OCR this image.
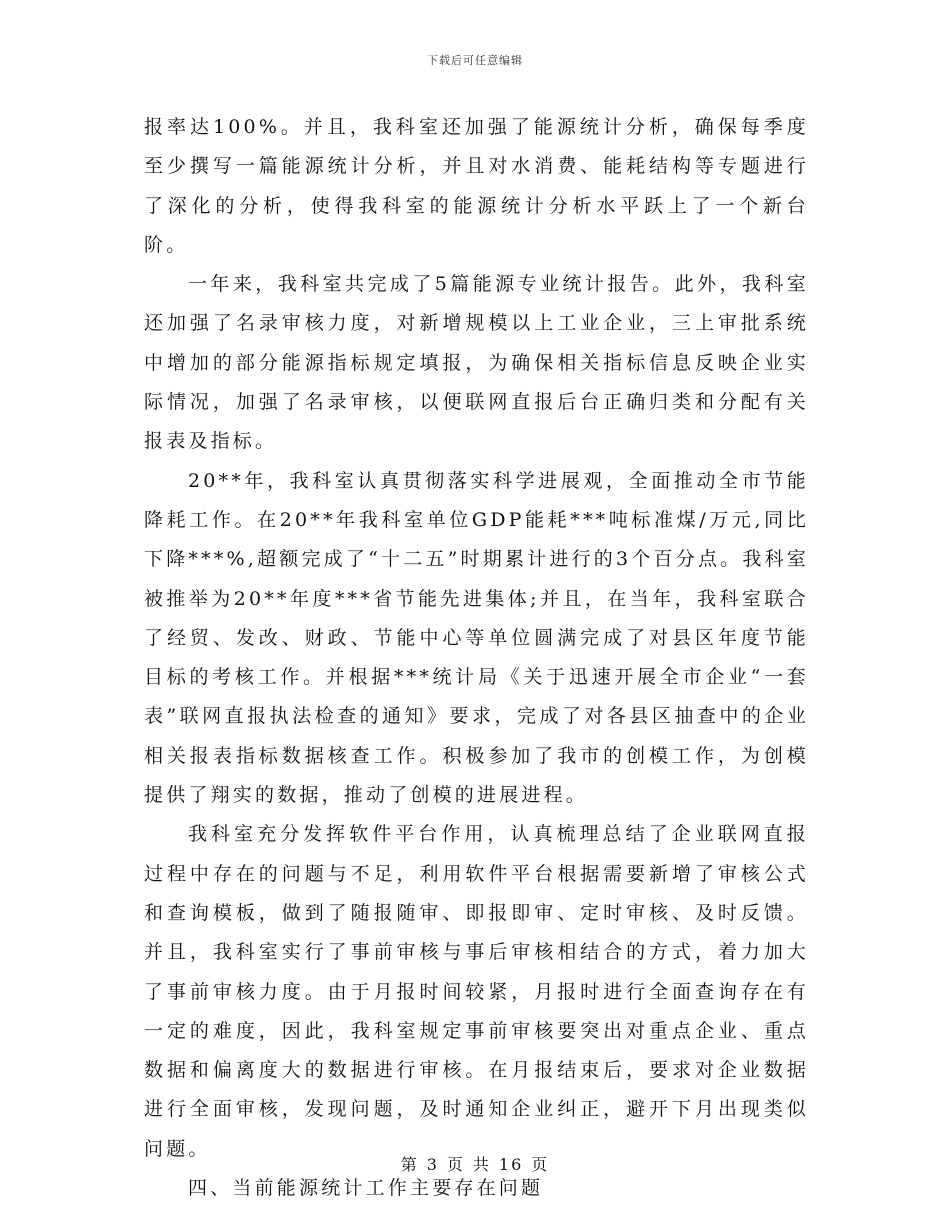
下载后可任意编辑

报率达100%。并且，我科室还加强了能源统计分析，确保每季度至少撰写一篇能源统计分析，并且对水消费、能耗结构等专题进行了深化的分析，使得我科室的能源统计分析水平跃上了一个新台阶。

一年来，我科室共完成了5篇能源专业统计报告。此外，我科室还加强了名录审核力度，对新增规模以上工业企业，三上审批系统中增加的部分能源指标规定填报，为确保相关指标信息反映企业实际情况，加强了名录审核，以便联网直报后台正确归类和分配有关报表及指标。

20**年，我科室认真贯彻落实科学进展观，全面推动全市节能降耗工作。在20**年我科室单位GDP能耗***吨标准煤/万元,同比下降***%,超额完成了“十二五”时期累计进行的3个百分点。我科室被推举为20**年度***省节能先进集体;并且，在当年，我科室联合了经贸、发改、财政、节能中心等单位圆满完成了对县区年度节能目标的考核工作。并根据***统计局《关于迅速开展全市企业“一套表”联网直报执法检查的通知》要求，完成了对各县区抽查中的企业相关报表指标数据核查工作。积极参加了我市的创模工作，为创模提供了翔实的数据，推动了创模的进展进程。

我科室充分发挥软件平台作用，认真梳理总结了企业联网直报过程中存在的问题与不足，利用软件平台根据需要新增了审核公式和查询模板，做到了随报随审、即报即审、定时审核、及时反馈。并且，我科室实行了事前审核与事后审核相结合的方式，着力加大了事前审核力度。由于月报时间较紧，月报时进行全面查询存在有一定的难度，因此，我科室规定事前审核要突出对重点企业、重点数据和偏离度大的数据进行审核。在月报结束后，要求对企业数据进行全面审核，发现问题，及时通知企业纠正，避开下月出现类似问题。

四、当前能源统计工作主要存在问题

第 3 页 共 16 页
